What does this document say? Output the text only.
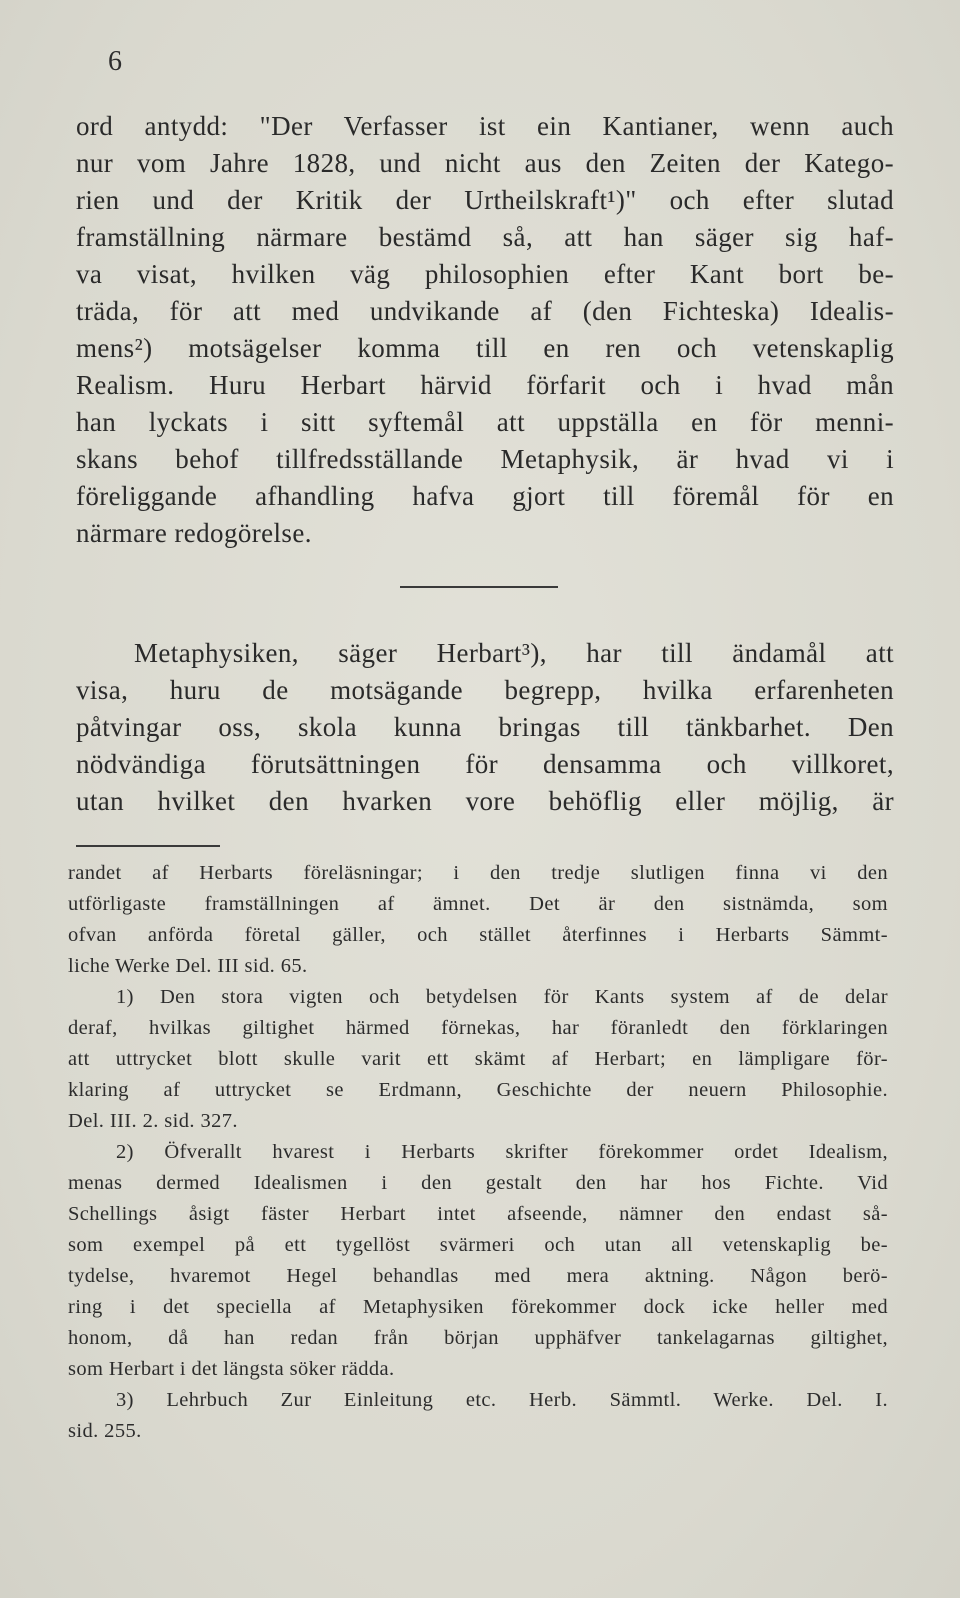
6
ord antydd: "Der Verfasser ist ein Kantianer, wenn auch
nur vom Jahre 1828, und nicht aus den Zeiten der Katego-
rien und der Kritik der Urtheilskraft¹)" och efter slutad
framställning närmare bestämd så, att han säger sig haf-
va visat, hvilken väg philosophien efter Kant bort be-
träda, för att med undvikande af (den Fichteska) Idealis-
mens²) motsägelser komma till en ren och vetenskaplig
Realism. Huru Herbart härvid förfarit och i hvad mån
han lyckats i sitt syftemål att uppställa en för menni-
skans behof tillfredsställande Metaphysik, är hvad vi i
föreliggande afhandling hafva gjort till föremål för en
närmare redogörelse.
Metaphysiken, säger Herbart³), har till ändamål att
visa, huru de motsägande begrepp, hvilka erfarenheten
påtvingar oss, skola kunna bringas till tänkbarhet. Den
nödvändiga förutsättningen för densamma och villkoret,
utan hvilket den hvarken vore behöflig eller möjlig, är
randet af Herbarts föreläsningar; i den tredje slutligen finna vi den
utförligaste framställningen af ämnet. Det är den sistnämda, som
ofvan anförda företal gäller, och stället återfinnes i Herbarts Sämmt-
liche Werke Del. III sid. 65.
1) Den stora vigten och betydelsen för Kants system af de delar
deraf, hvilkas giltighet härmed förnekas, har föranledt den förklaringen
att uttrycket blott skulle varit ett skämt af Herbart; en lämpligare för-
klaring af uttrycket se Erdmann, Geschichte der neuern Philosophie.
Del. III. 2. sid. 327.
2) Öfverallt hvarest i Herbarts skrifter förekommer ordet Idealism,
menas dermed Idealismen i den gestalt den har hos Fichte. Vid
Schellings åsigt fäster Herbart intet afseende, nämner den endast så-
som exempel på ett tygellöst svärmeri och utan all vetenskaplig be-
tydelse, hvaremot Hegel behandlas med mera aktning. Någon berö-
ring i det speciella af Metaphysiken förekommer dock icke heller med
honom, då han redan från början upphäfver tankelagarnas giltighet,
som Herbart i det längsta söker rädda.
3) Lehrbuch Zur Einleitung etc. Herb. Sämmtl. Werke. Del. I.
sid. 255.
